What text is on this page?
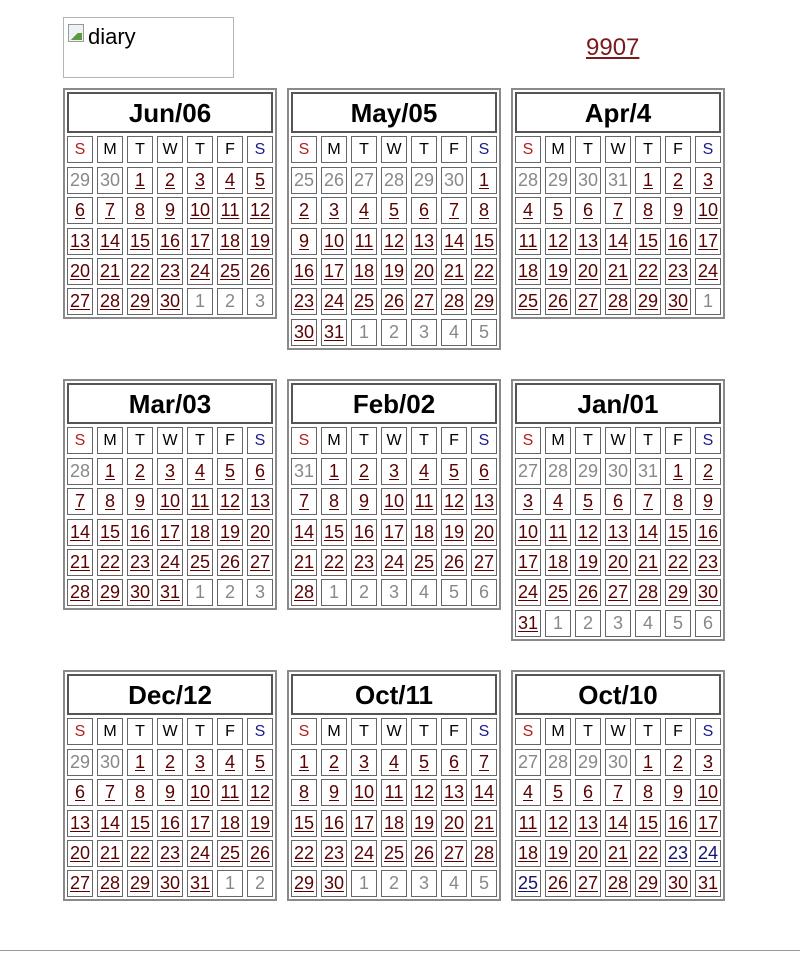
diary	9907
Jun/06
S	M	T	W	T	F	S
29 30 1	2	3	4	5
6	7	8	9 10 11 12
13 14 15 16 17 18 19
20 21 22 23 24 25 26
27 28 29 30 1	2	3
May/05
S	M	T	W	T	F	S
25 26 27 28 29 30 1
2	3	4	5	6	7	8
9 10 11 12 13 14 15
16 17 18 19 20 21 22
23 24 25 26 27 28 29
30 31 1	2	3	4	5
Apr/4
S	M	T	W	T	F	S
28 29 30 31 1	2	3
4	5	6	7	8	9 10
11 12 13 14 15 16 17
18 19 20 21 22 23 24
25 26 27 28 29 30 1
Mar/03
S	M	T	W	T	F	S
28 1	2	3	4	5	6
7	8	9 10 11 12 13
14 15 16 17 18 19 20
21 22 23 24 25 26 27
28 29 30 31 1	2	3
Feb/02
S	M	T	W	T	F	S
31 1	2	3	4	5	6
7	8	9 10 11 12 13
14 15 16 17 18 19 20
21 22 23 24 25 26 27
28 1	2	3	4	5	6
Jan/01
S	M	T	W	T	F	S
27 28 29 30 31 1	2
3	4	5	6	7	8	9
10 11 12 13 14 15 16
17 18 19 20 21 22 23
24 25 26 27 28 29 30
31 1	2	3	4	5	6
Dec/12
S	M	T	W	T	F	S
29 30 1	2	3	4	5
6	7	8	9 10 11 12
13 14 15 16 17 18 19
20 21 22 23 24 25 26
27 28 29 30 31 1	2
Oct/11
S	M	T	W	T	F	S
1	2	3	4	5	6	7
8	9 10 11 12 13 14
15 16 17 18 19 20 21
22 23 24 25 26 27 28
29 30 1	2	3	4	5
Oct/10
S	M	T	W	T	F	S
27 28 29 30 1	2	3
4	5	6	7	8	9 10
11 12 13 14 15 16 17
18 19 20 21 22 23 24
25 26 27 28 29 30 31
